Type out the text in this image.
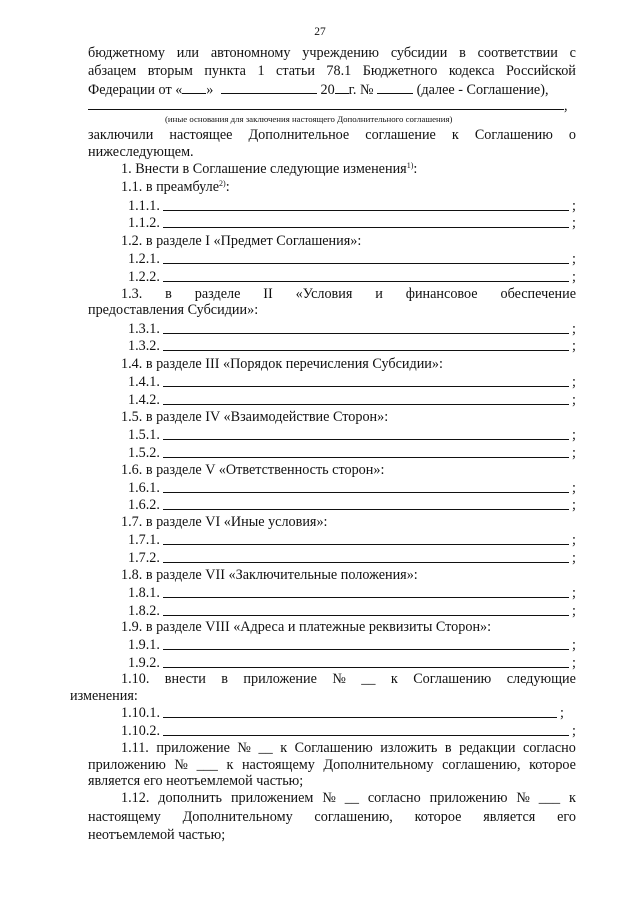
27
бюджетному или автономному учреждению субсидии в соответствии с
абзацем вторым пункта 1 статьи 78.1 Бюджетного кодекса Российской
Федерации от « »	20 г. №	(далее - Соглашение),
,
(иные основания для заключения настоящего Дополнительного соглашения)
заключили настоящее Дополнительное соглашение к Соглашению о
нижеследующем.
1. Внести в Соглашение следующие изменения$^{1)}$:
1.1. в преамбуле$^{2)}$:
1.1.1.	;
1.1.2.	;
1.2. в разделе I «Предмет Соглашения»:
1.2.1.	;
1.2.2.	;
1.3. в разделе II «Условия и финансовое обеспечение
предоставления Субсидии»:
1.3.1.	;
1.3.2.	;
1.4. в разделе III «Порядок перечисления Субсидии»:
1.4.1.	;
1.4.2.	;
1.5. в разделе IV «Взаимодействие Сторон»:
1.5.1.	;
1.5.2.	;
1.6. в разделе V «Ответственность сторон»:
1.6.1.	;
1.6.2.	;
1.7. в разделе VI «Иные условия»:
1.7.1.	;
1.7.2.	;
1.8. в разделе VII «Заключительные положения»:
1.8.1.	;
1.8.2.	;
1.9. в разделе VIII «Адреса и платежные реквизиты Сторон»:
1.9.1.	;
1.9.2.	;
1.10. внести в приложение № __ к Соглашению следующие
изменения:
1.10.1.	;
1.10.2.	;
1.11. приложение № __ к Соглашению изложить в редакции согласно
приложению № ___ к настоящему Дополнительному соглашению, которое
является его неотъемлемой частью;
1.12. дополнить приложением № __ согласно приложению № ___ к
настоящему Дополнительному соглашению, которое является его
неотъемлемой частью;
